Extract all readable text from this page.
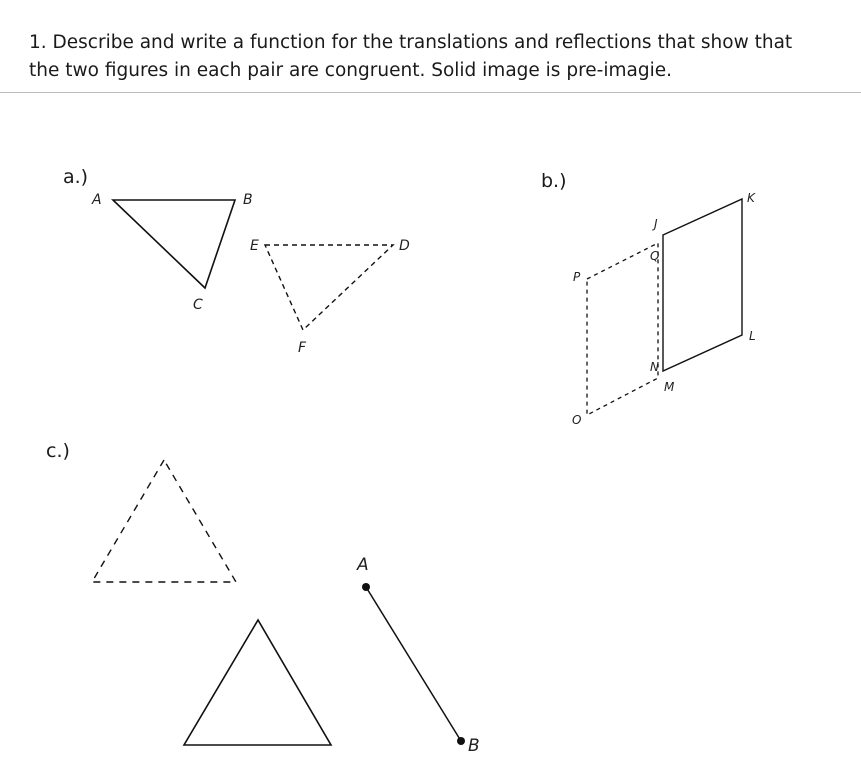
1. Describe and write a function for the translations and reflections that show that
the two figures in each pair are congruent. Solid image is pre-imagie.
a.)	b.)
c.)
A	B
C
D
E
F
J
K
L
M
N
O
P
Q
A
B
